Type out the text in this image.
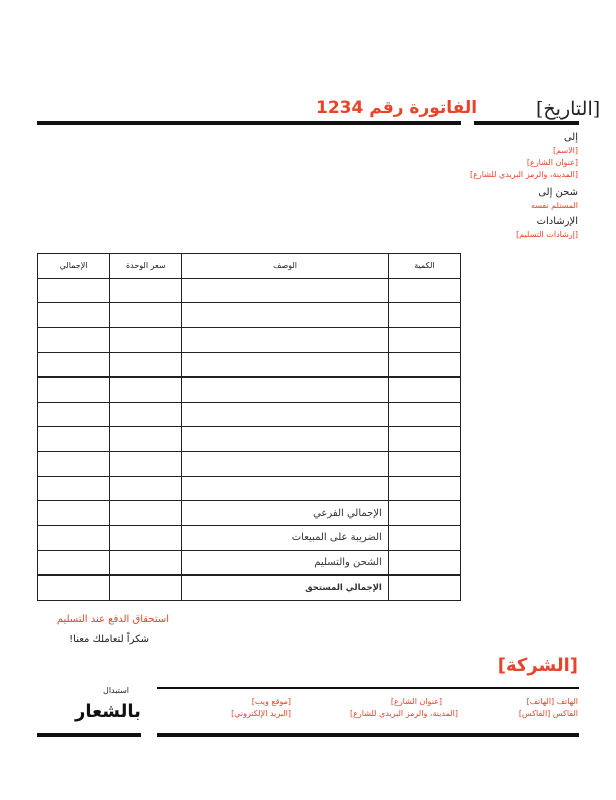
[التاريخ]
الفاتورة رقم 1234
إلى
[الاسم]
[عنوان الشارع]
[المدينة، والرمز البريدي للشارع]
شحن إلى
المستلم نفسه
الإرشادات
[إرشادات التسليم]
الكمية	الوصف	سعر الوحدة	الإجمالي

	الإجمالي الفرعي		
	الضريبة على المبيعات		
	الشحن والتسليم		
	الإجمالي المستحق		
استحقاق الدفع عند التسليم
شكراً لتعاملك معنا!
[الشركة]
الهاتف [الهاتف]
الفاكس [الفاكس]
[عنوان الشارع]
[المدينة، والرمز البريدي للشارع]
[موقع ويب]
[البريد الإلكتروني]
استبدال
بالشعار
